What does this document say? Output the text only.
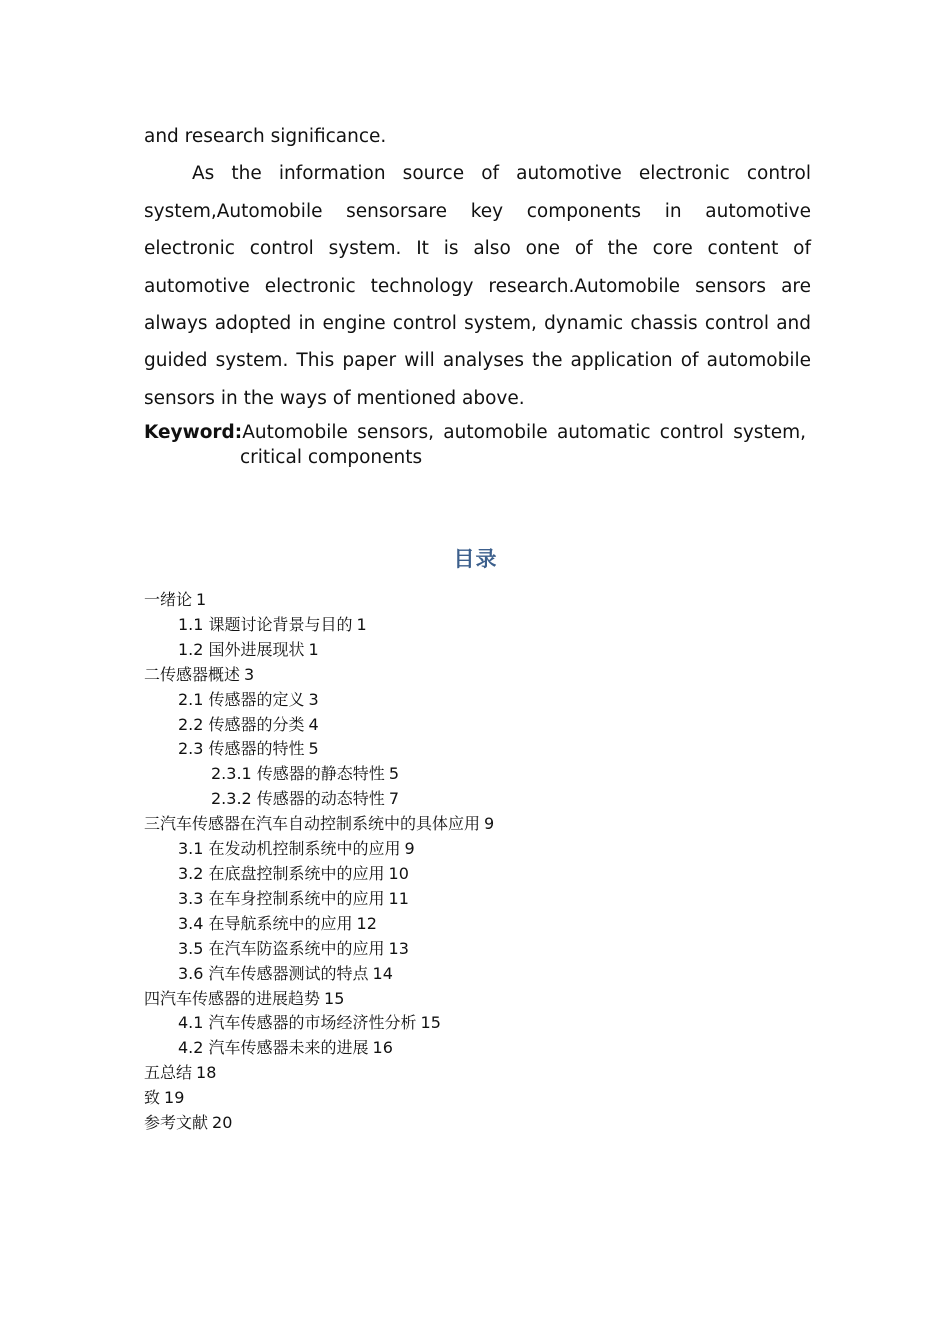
and research significance.

As the information source of automotive electronic control system,Automobile sensorsare key components in automotive electronic control system. It is also one of the core content of automotive electronic technology research.Automobile sensors are always adopted in engine control system, dynamic chassis control and guided system. This paper will analyses the application of automobile sensors in the ways of mentioned above.

Keyword:Automobile sensors, automobile automatic control system, critical components
目录
一绪论 1
1.1 课题讨论背景与目的 1
1.2 国外进展现状 1
二传感器概述 3
2.1 传感器的定义 3
2.2 传感器的分类 4
2.3 传感器的特性 5
2.3.1 传感器的静态特性 5
2.3.2 传感器的动态特性 7
三汽车传感器在汽车自动控制系统中的具体应用 9
3.1 在发动机控制系统中的应用 9
3.2 在底盘控制系统中的应用 10
3.3 在车身控制系统中的应用 11
3.4 在导航系统中的应用 12
3.5 在汽车防盗系统中的应用 13
3.6 汽车传感器测试的特点 14
四汽车传感器的进展趋势 15
4.1 汽车传感器的市场经济性分析 15
4.2 汽车传感器未来的进展 16
五总结 18
致 19
参考文献 20
